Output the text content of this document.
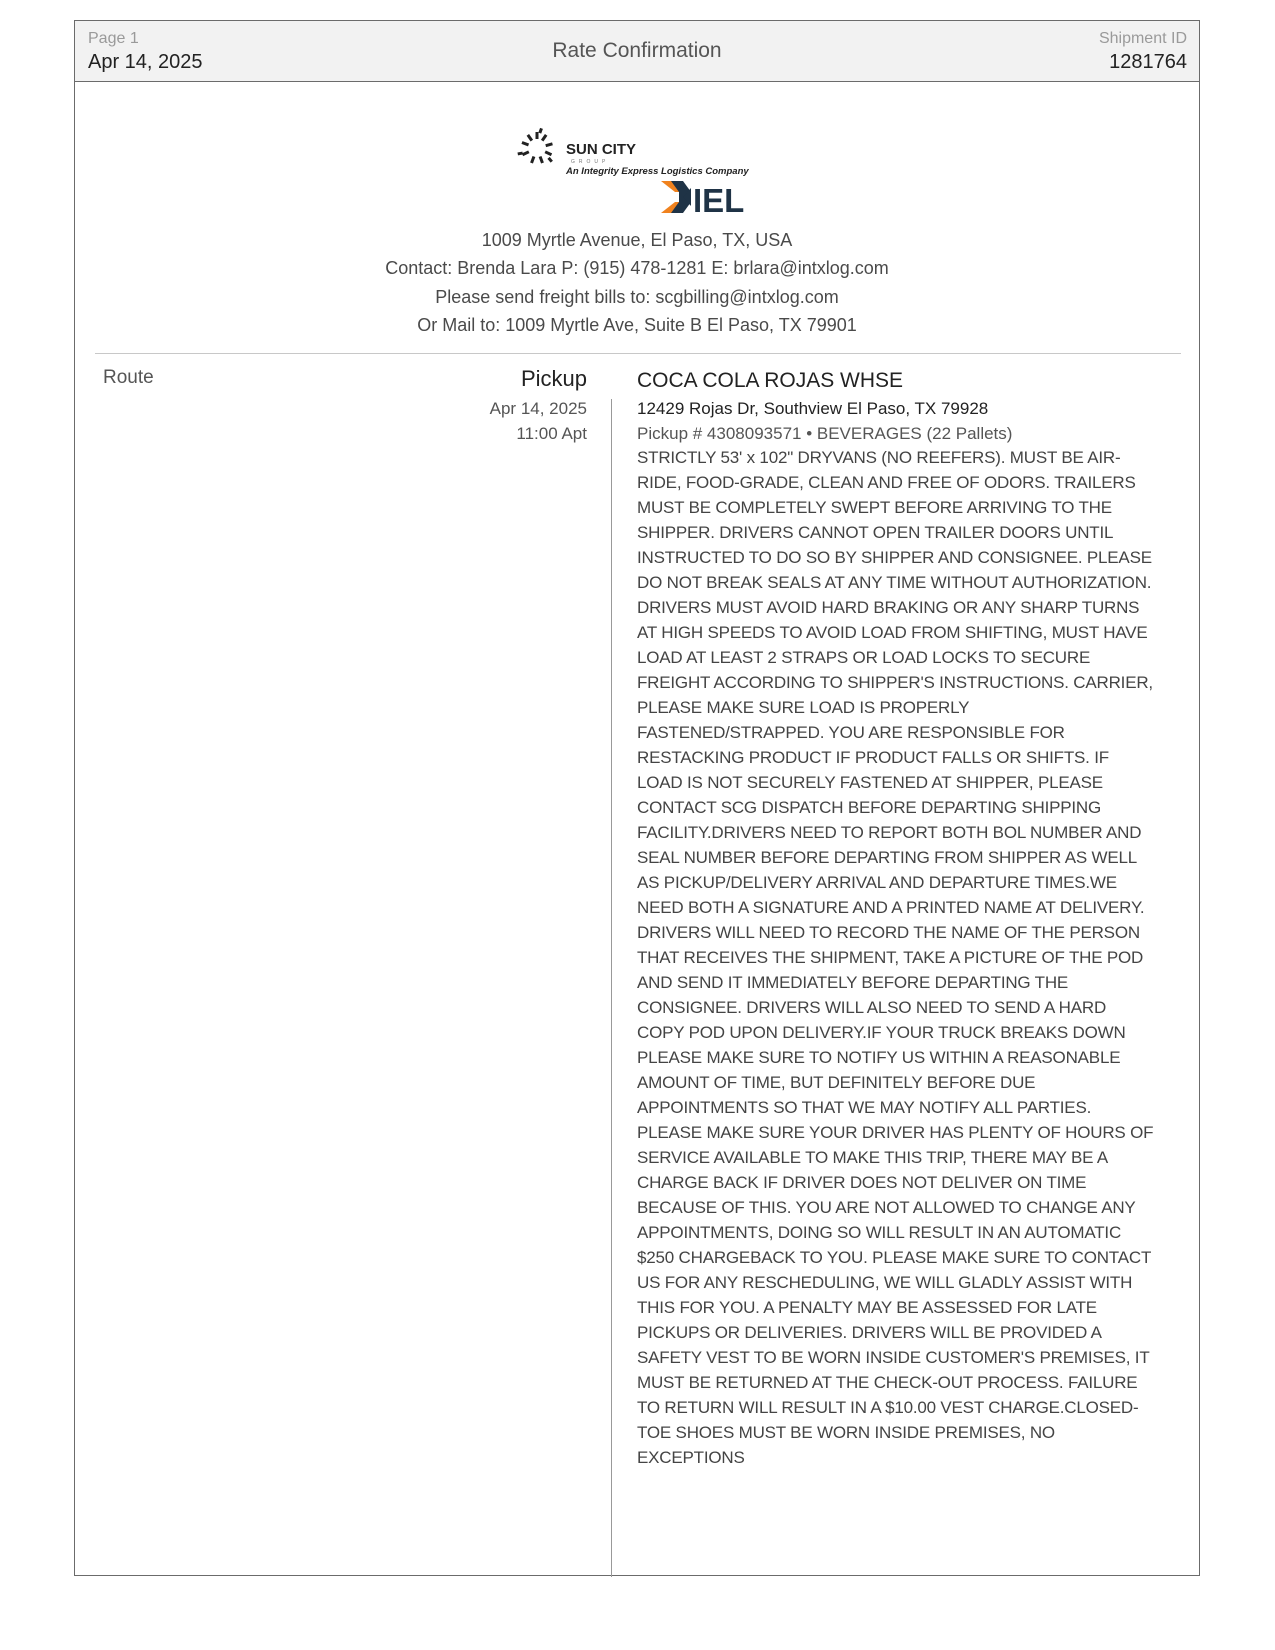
Page 1
Apr 14, 2025	Rate Confirmation
Shipment ID
1281764
SUN CITY
GROUP
An Integrity Express Logistics Company
IEL
1009 Myrtle Avenue, El Paso, TX, USA
Contact: Brenda Lara P: (915) 478-1281 E: brlara@intxlog.com
Please send freight bills to: scgbilling@intxlog.com
Or Mail to: 1009 Myrtle Ave, Suite B El Paso, TX 79901
Route	Pickup
Apr 14, 2025
11:00 Apt
COCA COLA ROJAS WHSE
12429 Rojas Dr, Southview El Paso, TX 79928
Pickup # 4308093571 • BEVERAGES (22 Pallets)
STRICTLY 53' x 102" DRYVANS (NO REEFERS). MUST BE AIR-RIDE, FOOD-GRADE, CLEAN AND FREE OF ODORS. TRAILERS MUST BE COMPLETELY SWEPT BEFORE ARRIVING TO THE SHIPPER. DRIVERS CANNOT OPEN TRAILER DOORS UNTIL INSTRUCTED TO DO SO BY SHIPPER AND CONSIGNEE. PLEASE DO NOT BREAK SEALS AT ANY TIME WITHOUT AUTHORIZATION. DRIVERS MUST AVOID HARD BRAKING OR ANY SHARP TURNS AT HIGH SPEEDS TO AVOID LOAD FROM SHIFTING, MUST HAVE LOAD AT LEAST 2 STRAPS OR LOAD LOCKS TO SECURE FREIGHT ACCORDING TO SHIPPER'S INSTRUCTIONS. CARRIER, PLEASE MAKE SURE LOAD IS PROPERLY FASTENED/STRAPPED. YOU ARE RESPONSIBLE FOR RESTACKING PRODUCT IF PRODUCT FALLS OR SHIFTS. IF LOAD IS NOT SECURELY FASTENED AT SHIPPER, PLEASE CONTACT SCG DISPATCH BEFORE DEPARTING SHIPPING FACILITY.DRIVERS NEED TO REPORT BOTH BOL NUMBER AND SEAL NUMBER BEFORE DEPARTING FROM SHIPPER AS WELL AS PICKUP/DELIVERY ARRIVAL AND DEPARTURE TIMES.WE NEED BOTH A SIGNATURE AND A PRINTED NAME AT DELIVERY. DRIVERS WILL NEED TO RECORD THE NAME OF THE PERSON THAT RECEIVES THE SHIPMENT, TAKE A PICTURE OF THE POD AND SEND IT IMMEDIATELY BEFORE DEPARTING THE CONSIGNEE. DRIVERS WILL ALSO NEED TO SEND A HARD COPY POD UPON DELIVERY.IF YOUR TRUCK BREAKS DOWN PLEASE MAKE SURE TO NOTIFY US WITHIN A REASONABLE AMOUNT OF TIME, BUT DEFINITELY BEFORE DUE APPOINTMENTS SO THAT WE MAY NOTIFY ALL PARTIES. PLEASE MAKE SURE YOUR DRIVER HAS PLENTY OF HOURS OF SERVICE AVAILABLE TO MAKE THIS TRIP, THERE MAY BE A CHARGE BACK IF DRIVER DOES NOT DELIVER ON TIME BECAUSE OF THIS. YOU ARE NOT ALLOWED TO CHANGE ANY APPOINTMENTS, DOING SO WILL RESULT IN AN AUTOMATIC $250 CHARGEBACK TO YOU. PLEASE MAKE SURE TO CONTACT US FOR ANY RESCHEDULING, WE WILL GLADLY ASSIST WITH THIS FOR YOU. A PENALTY MAY BE ASSESSED FOR LATE PICKUPS OR DELIVERIES. DRIVERS WILL BE PROVIDED A SAFETY VEST TO BE WORN INSIDE CUSTOMER'S PREMISES, IT MUST BE RETURNED AT THE CHECK-OUT PROCESS. FAILURE TO RETURN WILL RESULT IN A $10.00 VEST CHARGE.CLOSED-TOE SHOES MUST BE WORN INSIDE PREMISES, NO EXCEPTIONS
